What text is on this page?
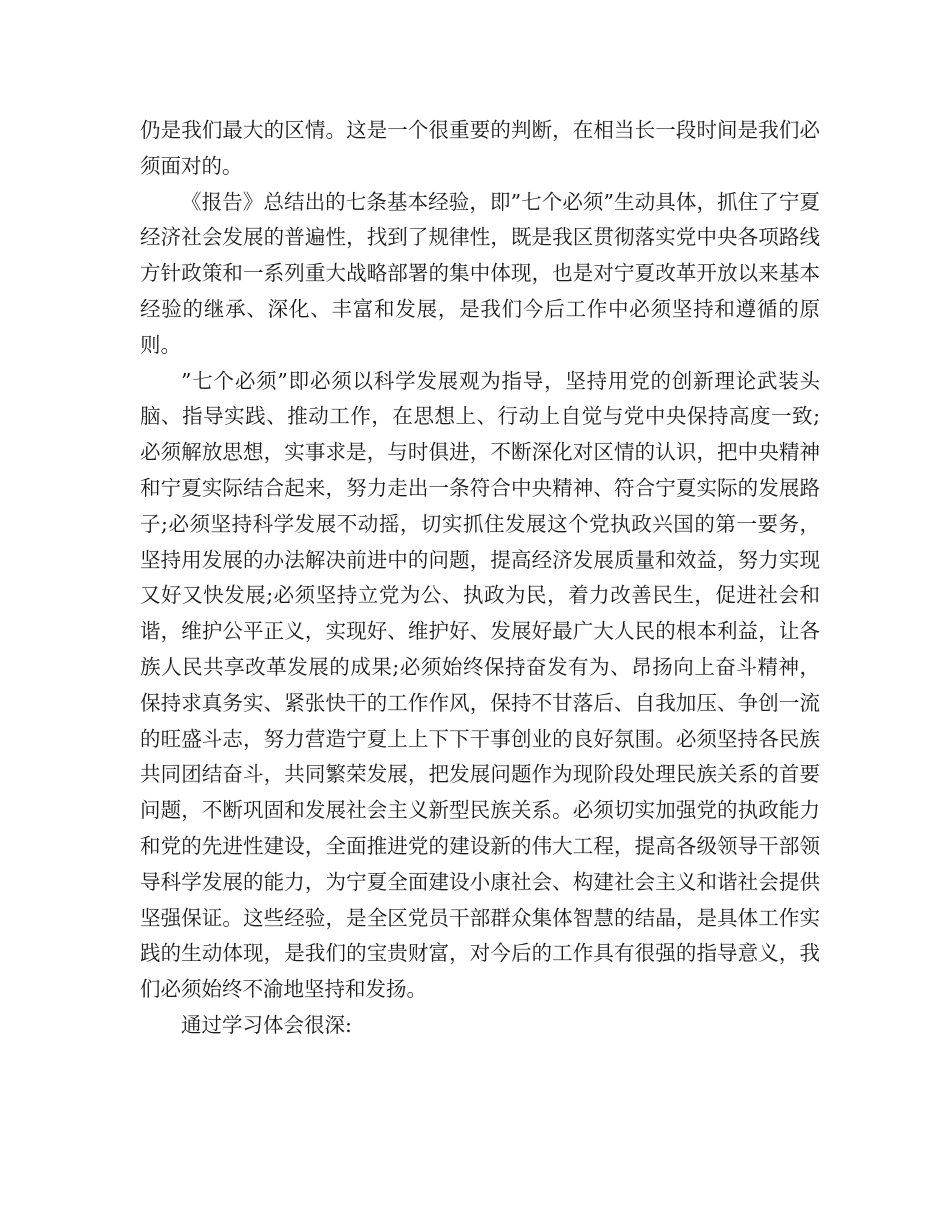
仍是我们最大的区情。这是一个很重要的判断，在相当长一段时间是我们必须面对的。

《报告》总结出的七条基本经验，即”七个必须”生动具体，抓住了宁夏经济社会发展的普遍性，找到了规律性，既是我区贯彻落实党中央各项路线方针政策和一系列重大战略部署的集中体现，也是对宁夏改革开放以来基本经验的继承、深化、丰富和发展，是我们今后工作中必须坚持和遵循的原则。

”七个必须”即必须以科学发展观为指导，坚持用党的创新理论武装头脑、指导实践、推动工作，在思想上、行动上自觉与党中央保持高度一致;必须解放思想，实事求是，与时俱进，不断深化对区情的认识，把中央精神和宁夏实际结合起来，努力走出一条符合中央精神、符合宁夏实际的发展路子;必须坚持科学发展不动摇，切实抓住发展这个党执政兴国的第一要务，坚持用发展的办法解决前进中的问题，提高经济发展质量和效益，努力实现又好又快发展;必须坚持立党为公、执政为民，着力改善民生，促进社会和谐，维护公平正义，实现好、维护好、发展好最广大人民的根本利益，让各族人民共享改革发展的成果;必须始终保持奋发有为、昂扬向上奋斗精神，保持求真务实、紧张快干的工作作风，保持不甘落后、自我加压、争创一流的旺盛斗志，努力营造宁夏上上下下干事创业的良好氛围。必须坚持各民族共同团结奋斗，共同繁荣发展，把发展问题作为现阶段处理民族关系的首要问题，不断巩固和发展社会主义新型民族关系。必须切实加强党的执政能力和党的先进性建设，全面推进党的建设新的伟大工程，提高各级领导干部领导科学发展的能力，为宁夏全面建设小康社会、构建社会主义和谐社会提供坚强保证。这些经验，是全区党员干部群众集体智慧的结晶，是具体工作实践的生动体现，是我们的宝贵财富，对今后的工作具有很强的指导意义，我们必须始终不渝地坚持和发扬。

通过学习体会很深:
